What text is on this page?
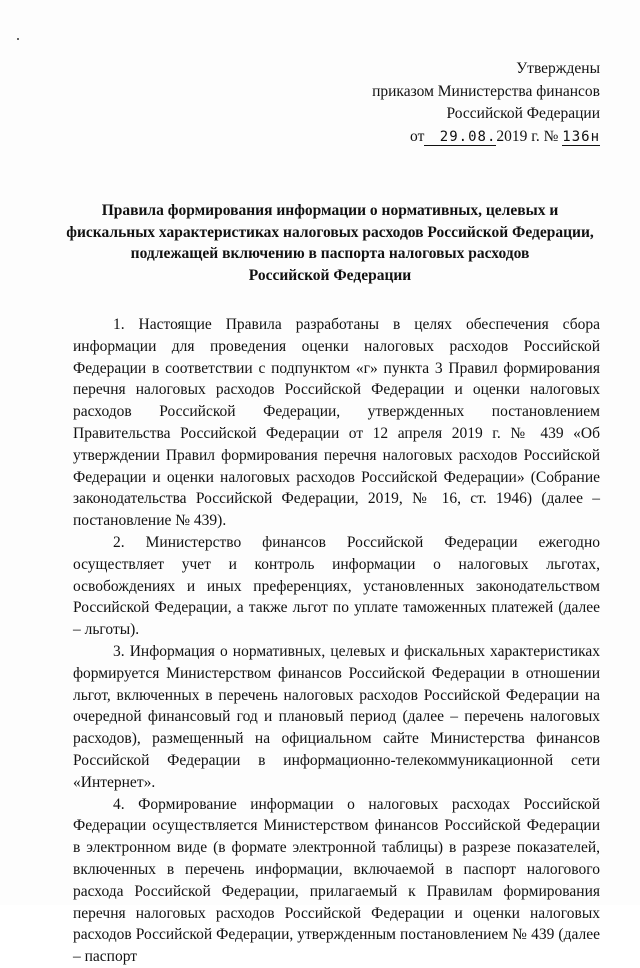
Утверждены
приказом Министерства финансов
Российской Федерации
от 29.08.2019 г. № 136н
Правила формирования информации о нормативных, целевых и
фискальных характеристиках налоговых расходов Российской Федерации,
подлежащей включению в паспорта налоговых расходов
Российской Федерации

1. Настоящие Правила разработаны в целях обеспечения сбора информации для проведения оценки налоговых расходов Российской Федерации в соответствии с подпунктом «г» пункта 3 Правил формирования перечня налоговых расходов Российской Федерации и оценки налоговых расходов Российской Федерации, утвержденных постановлением Правительства Российской Федерации от 12 апреля 2019 г. № 439 «Об утверждении Правил формирования перечня налоговых расходов Российской Федерации и оценки налоговых расходов Российской Федерации» (Собрание законодательства Российской Федерации, 2019, № 16, ст. 1946) (далее – постановление № 439).

2. Министерство финансов Российской Федерации ежегодно осуществляет учет и контроль информации о налоговых льготах, освобождениях и иных преференциях, установленных законодательством Российской Федерации, а также льгот по уплате таможенных платежей (далее – льготы).

3. Информация о нормативных, целевых и фискальных характеристиках формируется Министерством финансов Российской Федерации в отношении льгот, включенных в перечень налоговых расходов Российской Федерации на очередной финансовый год и плановый период (далее – перечень налоговых расходов), размещенный на официальном сайте Министерства финансов Российской Федерации в информационно-телекоммуникационной сети «Интернет».

4. Формирование информации о налоговых расходах Российской Федерации осуществляется Министерством финансов Российской Федерации в электронном виде (в формате электронной таблицы) в разрезе показателей, включенных в перечень информации, включаемой в паспорт налогового расхода Российской Федерации, прилагаемый к Правилам формирования перечня налоговых расходов Российской Федерации и оценки налоговых расходов Российской Федерации, утвержденным постановлением № 439 (далее – паспорт
